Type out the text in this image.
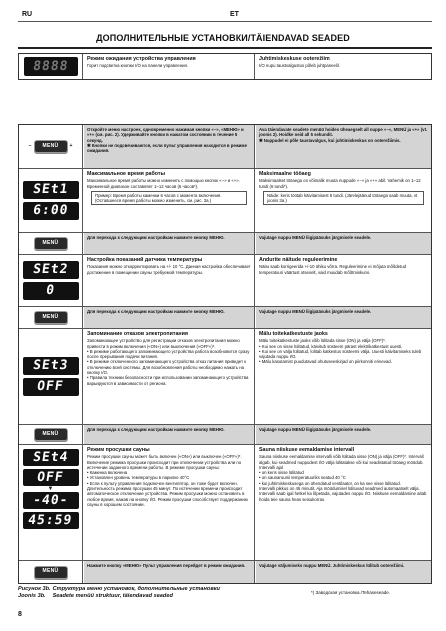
RU	ET
ДОПОЛНИТЕЛЬНЫЕ УСТАНОВКИ/TÄIENDAVAD SEADED
8888	Режим ожидания устройства управления
Горит подсветка кнопки I/O на панели управления.
Juhtimiskeskuse ooterežiim
I/O nupu taustvalgustus põleb juhtpaneelil.
− MENÜ +
Откройте меню настроек, одновременно нажимая кнопки «−», «МЕНЮ» и «+» (см. рис. 2). Удерживайте кнопки в нажатом состоянии в течение 5 секунд.
✱ Кнопки не подсвечиваются, если пульт управления находится в режиме ожидания.
Ava täiendavate seadete menüü hoides üheaegselt all nuppe «−», MENÜ ja «+» (vt. joonis 2). Hoidke neid all 5 sekundit.
✱ Nuppudel ei põle taustavalgus, kui juhtimiskeskus on ooterežiimis.
SEt1
6:00
Максимальное время работы
Максимальное время работы можно изменить с помощью кнопок «−» и «+». Временной диапазон составляет 1–12 часов (6 часов*).
Пример: Время работы каменки 6 часов с момента включения. (Оставшееся время работы можно изменить, см. рис. 3а.)
Maksimaalne tööaeg
Maksimaalset tööaega on võimalik muuta nuppude «−» ja «+» abil. Vahemik on 1–12 tundi (6 tundi*).
Näide: keris töötab käivitamisest 6 tundi. (Järelejäänud tööaega saab muuta, vt joonis 3a.)
MENÜ
Для перехода к следующим настройкам нажмите кнопку МЕНЮ.	Vajutage nuppu MENÜ liigipääsuks järgmisele seadele.
SEt2
0
Настройка показаний датчика температуры
Показания можно откорректировать на +/- 10 °C. Данная настройка обеспечивает достижение в помещении сауны требуемой температуры.
Andurite näitude reguleerimine
Näitu saab korrigeerida +/-10 ühiku võrra. Reguleerimine ei mõjuta mõõdetud temperatuuri väärtust otseselt, vaid muudab mõõtmiskurvi.
MENÜ
Для перехода к следующим настройкам нажмите кнопку МЕНЮ.	Vajutage nuppu MENÜ liigipääsuks järgmisele seadele.
SEt3
OFF
Запоминание отказов электропитания
Запоминающее устройство для регистрации отказов электропитания можно привести в режим включения («ON») или выключения («OFF»)*.
• В режиме работающего запоминающего устройства работа возобновится сразу после прерывания подачи питания.
• В режиме отключенного запоминающего устройства отказ питания приведет к отключению всей системы. Для возобновления работы необходимо нажать на кнопку I/O.
• Правила техники безопасности при использовании запоминающего устройства варьируются в зависимости от региона.
Mälu toitekatkestuste jaoks
Mälu toitekatkestuste jaoks võib lülitada sisse (ON) ja välja (OFF)*.
• Kui see on sisse lülitatud, käivitub süsteem pärast elektrikatkestust uuesti.
• Kui see on välja lülitatud, lülitab katkestus süsteemi välja. Uuesti käivitamiseks tuleb vajutada nuppu I/O.
• Mälu kasutamist puudutavad ohutuseeskirjad on piirkonniti erinevad.
MENÜ
Для перехода к следующим настройкам нажмите кнопку МЕНЮ.	Vajutage nuppu MENÜ liigipääsuks järgmisele seadele.
SEt4
OFF
▼
-40-
45:59
Режим просушки сауны
Режим просушки сауны может быть включен («ON») или выключен («OFF»)*. Включение режима просушки происходит при отключении устройства или по истечении заданного времени работы. В режиме просушки сауны:
• Каменка включена
• Установлен уровень температуры в парилке 40°C
• Если к пульту управления подключен вентилятор, он тоже будет включен.
Длительность режима просушки 45 минут. По истечении времени происходит автоматическое отключение устройства. Режим просушки можно остановить в любое время, нажав на кнопку I/O. Режим просушки способствует поддержанию сауны в хорошем состоянии.
Sauna niiskuse eemaldamise intervall
Sauna niiskuse eemaldamise intervalli võib lülitada sisse (ON) ja välja (OFF)*. Intervall algab, kui seadmed nuppudest I/O välja lülitatakse või kui seadistatud tööaeg möödub. Intervalli ajal
• on keris sisse lülitatud
• on saunaruumi temperatuuriks seatud 40 °C
• kui juhtimiskeskusega on ühendatud ventilaator, on ka see sisse lülitatud.
Intervalli pikkus on 45 minutit. Aja möödumisel lülituvad seadmed automaatselt välja. Intervalli saab igal hetkel ka lõpetada, vajutades nuppu I/O. Niiskuse eemaldamine aitab hoida teie sauna heas seisukorras.
MENÜ
Нажмите кнопку «МЕНЮ» Пульт управления перейдет в режим ожидания.	Vajutage väljumiseks nuppu MENÜ. Juhtimiskeskus lülitub ooterežiimi.
Рисунок 3b. Структура меню установок, дополнительные установки
Joonis 3b. Seadete menüü struktuur, täiendavad seaded
*) Заводская установка./Tehaseseade.
8
